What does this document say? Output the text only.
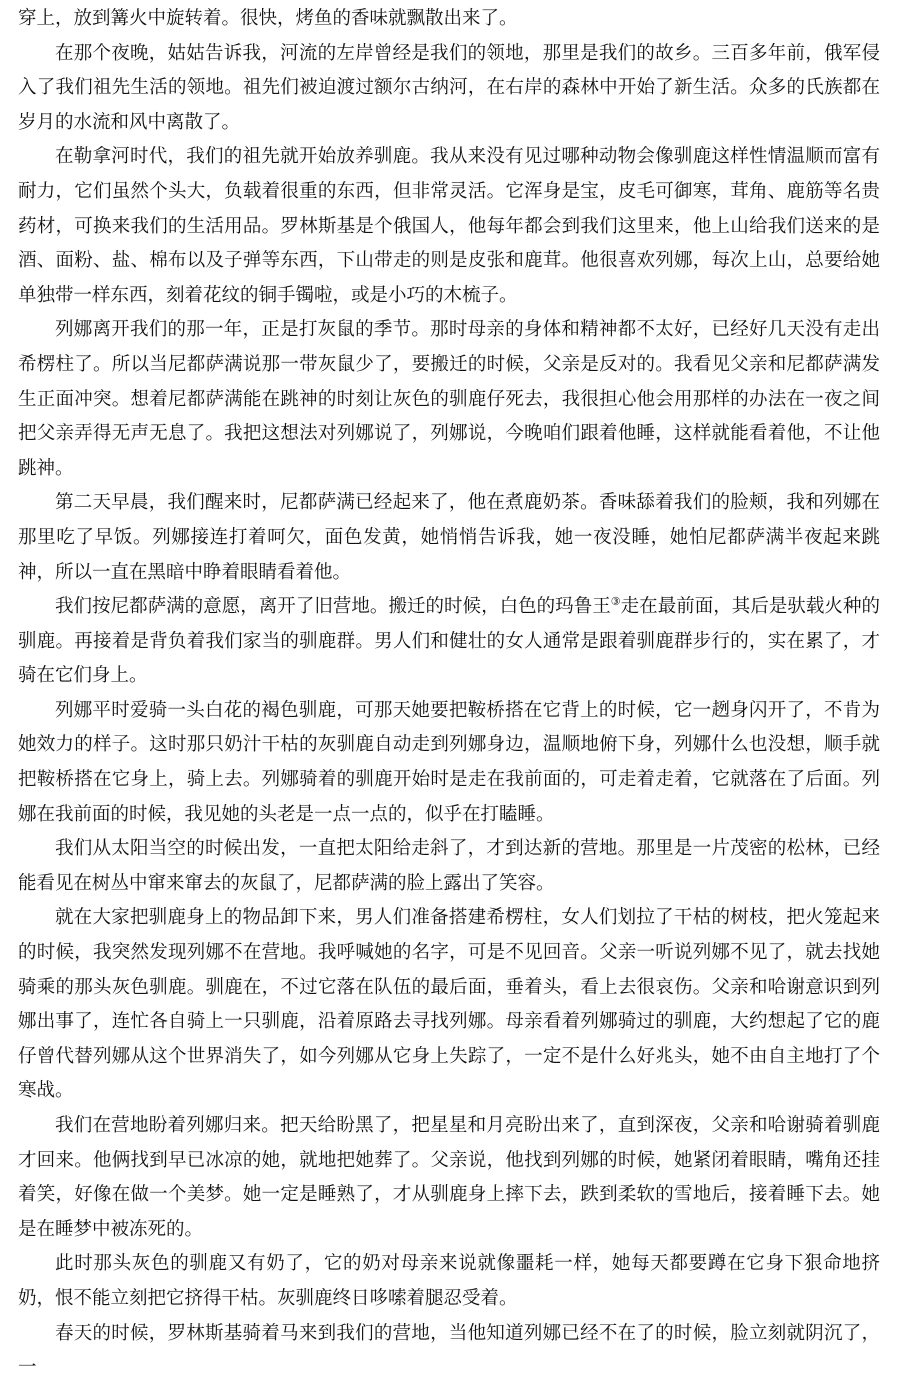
穿上，放到篝火中旋转着。很快，烤鱼的香味就飘散出来了。

在那个夜晚，姑姑告诉我，河流的左岸曾经是我们的领地，那里是我们的故乡。三百多年前，俄军侵入了我们祖先生活的领地。祖先们被迫渡过额尔古纳河，在右岸的森林中开始了新生活。众多的氏族都在岁月的水流和风中离散了。

在勒拿河时代，我们的祖先就开始放养驯鹿。我从来没有见过哪种动物会像驯鹿这样性情温顺而富有耐力，它们虽然个头大，负载着很重的东西，但非常灵活。它浑身是宝，皮毛可御寒，茸角、鹿筋等名贵药材，可换来我们的生活用品。罗林斯基是个俄国人，他每年都会到我们这里来，他上山给我们送来的是酒、面粉、盐、棉布以及子弹等东西，下山带走的则是皮张和鹿茸。他很喜欢列娜，每次上山，总要给她单独带一样东西，刻着花纹的铜手镯啦，或是小巧的木梳子。

列娜离开我们的那一年，正是打灰鼠的季节。那时母亲的身体和精神都不太好，已经好几天没有走出希楞柱了。所以当尼都萨满说那一带灰鼠少了，要搬迁的时候，父亲是反对的。我看见父亲和尼都萨满发生正面冲突。想着尼都萨满能在跳神的时刻让灰色的驯鹿仔死去，我很担心他会用那样的办法在一夜之间把父亲弄得无声无息了。我把这想法对列娜说了，列娜说，今晚咱们跟着他睡，这样就能看着他，不让他跳神。

第二天早晨，我们醒来时，尼都萨满已经起来了，他在煮鹿奶茶。香味舔着我们的脸颊，我和列娜在那里吃了早饭。列娜接连打着呵欠，面色发黄，她悄悄告诉我，她一夜没睡，她怕尼都萨满半夜起来跳神，所以一直在黑暗中睁着眼睛看着他。

我们按尼都萨满的意愿，离开了旧营地。搬迁的时候，白色的玛鲁王③走在最前面，其后是驮载火种的驯鹿。再接着是背负着我们家当的驯鹿群。男人们和健壮的女人通常是跟着驯鹿群步行的，实在累了，才骑在它们身上。

列娜平时爱骑一头白花的褐色驯鹿，可那天她要把鞍桥搭在它背上的时候，它一趔身闪开了，不肯为她效力的样子。这时那只奶汁干枯的灰驯鹿自动走到列娜身边，温顺地俯下身，列娜什么也没想，顺手就把鞍桥搭在它身上，骑上去。列娜骑着的驯鹿开始时是走在我前面的，可走着走着，它就落在了后面。列娜在我前面的时候，我见她的头老是一点一点的，似乎在打瞌睡。

我们从太阳当空的时候出发，一直把太阳给走斜了，才到达新的营地。那里是一片茂密的松林，已经能看见在树丛中窜来窜去的灰鼠了，尼都萨满的脸上露出了笑容。

就在大家把驯鹿身上的物品卸下来，男人们准备搭建希楞柱，女人们划拉了干枯的树枝，把火笼起来的时候，我突然发现列娜不在营地。我呼喊她的名字，可是不见回音。父亲一听说列娜不见了，就去找她骑乘的那头灰色驯鹿。驯鹿在，不过它落在队伍的最后面，垂着头，看上去很哀伤。父亲和哈谢意识到列娜出事了，连忙各自骑上一只驯鹿，沿着原路去寻找列娜。母亲看着列娜骑过的驯鹿，大约想起了它的鹿仔曾代替列娜从这个世界消失了，如今列娜从它身上失踪了，一定不是什么好兆头，她不由自主地打了个寒战。

我们在营地盼着列娜归来。把天给盼黑了，把星星和月亮盼出来了，直到深夜，父亲和哈谢骑着驯鹿才回来。他俩找到早已冰凉的她，就地把她葬了。父亲说，他找到列娜的时候，她紧闭着眼睛，嘴角还挂着笑，好像在做一个美梦。她一定是睡熟了，才从驯鹿身上摔下去，跌到柔软的雪地后，接着睡下去。她是在睡梦中被冻死的。

此时那头灰色的驯鹿又有奶了，它的奶对母亲来说就像噩耗一样，她每天都要蹲在它身下狠命地挤奶，恨不能立刻把它挤得干枯。灰驯鹿终日哆嗦着腿忍受着。

春天的时候，罗林斯基骑着马来到我们的营地，当他知道列娜已经不在了的时候，脸立刻就阴沉了，一
